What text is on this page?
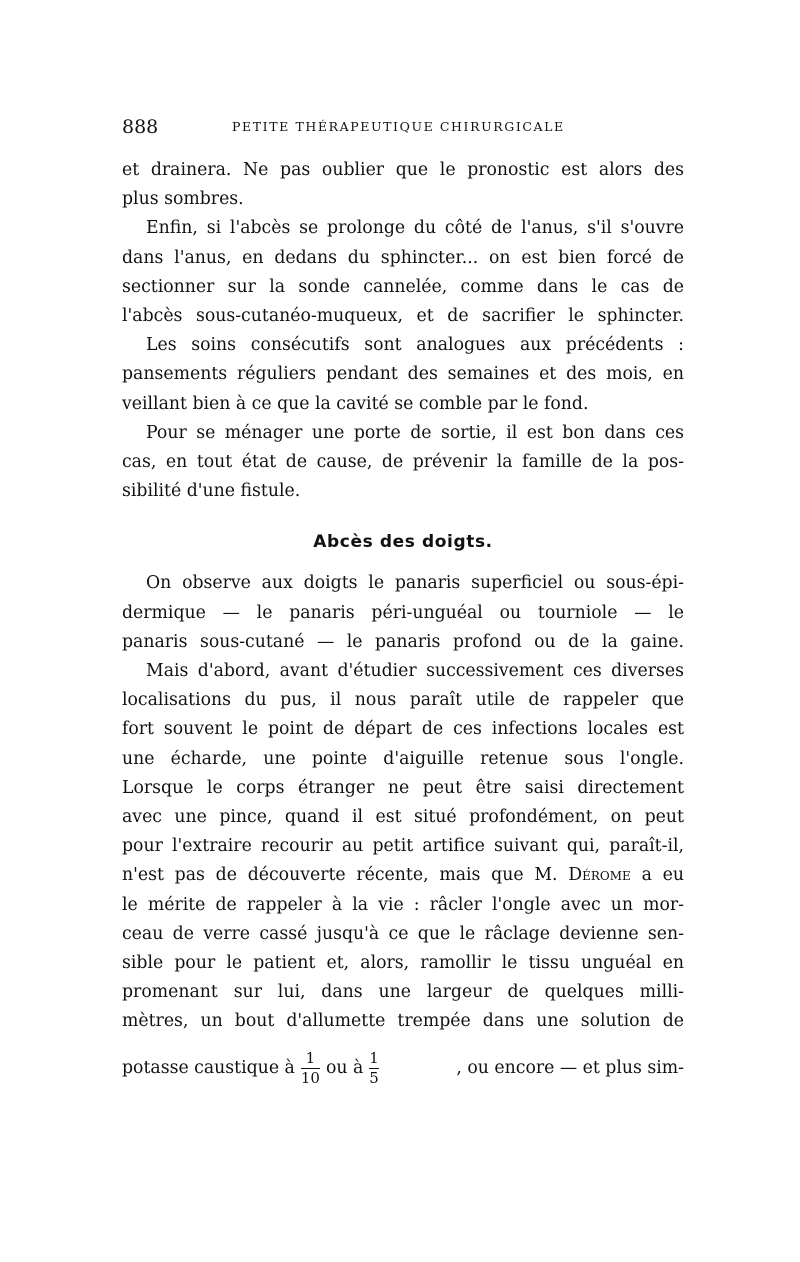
888	PETITE THÉRAPEUTIQUE CHIRURGICALE
et drainera. Ne pas oublier que le pronostic est alors des
plus sombres.
Enfin, si l'abcès se prolonge du côté de l'anus, s'il s'ouvre
dans l'anus, en dedans du sphincter... on est bien forcé de
sectionner sur la sonde cannelée, comme dans le cas de
l'abcès sous-cutanéo-muqueux, et de sacrifier le sphincter.
Les soins consécutifs sont analogues aux précédents :
pansements réguliers pendant des semaines et des mois, en
veillant bien à ce que la cavité se comble par le fond.
Pour se ménager une porte de sortie, il est bon dans ces
cas, en tout état de cause, de prévenir la famille de la pos-
sibilité d'une fistule.
Abcès des doigts.
On observe aux doigts le panaris superficiel ou sous-épi-
dermique — le panaris péri-unguéal ou tourniole — le
panaris sous-cutané — le panaris profond ou de la gaine.
Mais d'abord, avant d'étudier successivement ces diverses
localisations du pus, il nous paraît utile de rappeler que
fort souvent le point de départ de ces infections locales est
une écharde, une pointe d'aiguille retenue sous l'ongle.
Lorsque le corps étranger ne peut être saisi directement
avec une pince, quand il est situé profondément, on peut
pour l'extraire recourir au petit artifice suivant qui, paraît-il,
n'est pas de découverte récente, mais que M. Dérome a eu
le mérite de rappeler à la vie : râcler l'ongle avec un mor-
ceau de verre cassé jusqu'à ce que le râclage devienne sen-
sible pour le patient et, alors, ramollir le tissu unguéal en
promenant sur lui, dans une largeur de quelques milli-
mètres, un bout d'allumette trempée dans une solution de
potasse caustique à $\frac{1}{10}$ ou à $\frac{1}{5}$	, ou encore — et plus sim-
